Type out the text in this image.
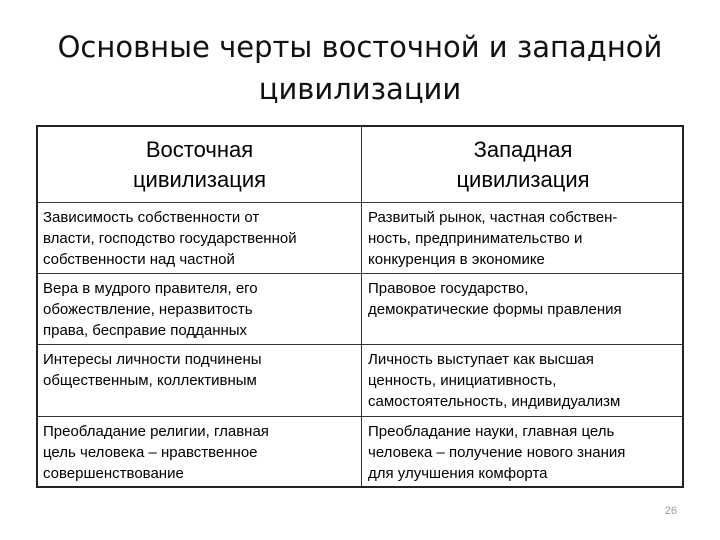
Основные черты восточной и западной
цивилизации
Восточная
цивилизация
Западная
цивилизация
Зависимость собственности от
власти, господство государственной
собственности над частной
Развитый рынок, частная собствен-
ность, предпринимательство и
конкуренция в экономике
Вера в мудрого правителя, его
обожествление, неразвитость
права, бесправие подданных
Правовое государство,
демократические формы правления
Интересы личности подчинены
общественным, коллективным
Личность выступает как высшая
ценность, инициативность,
самостоятельность, индивидуализм
Преобладание религии, главная
цель человека – нравственное
совершенствование
Преобладание науки, главная цель
человека – получение нового знания
для улучшения комфорта
26
